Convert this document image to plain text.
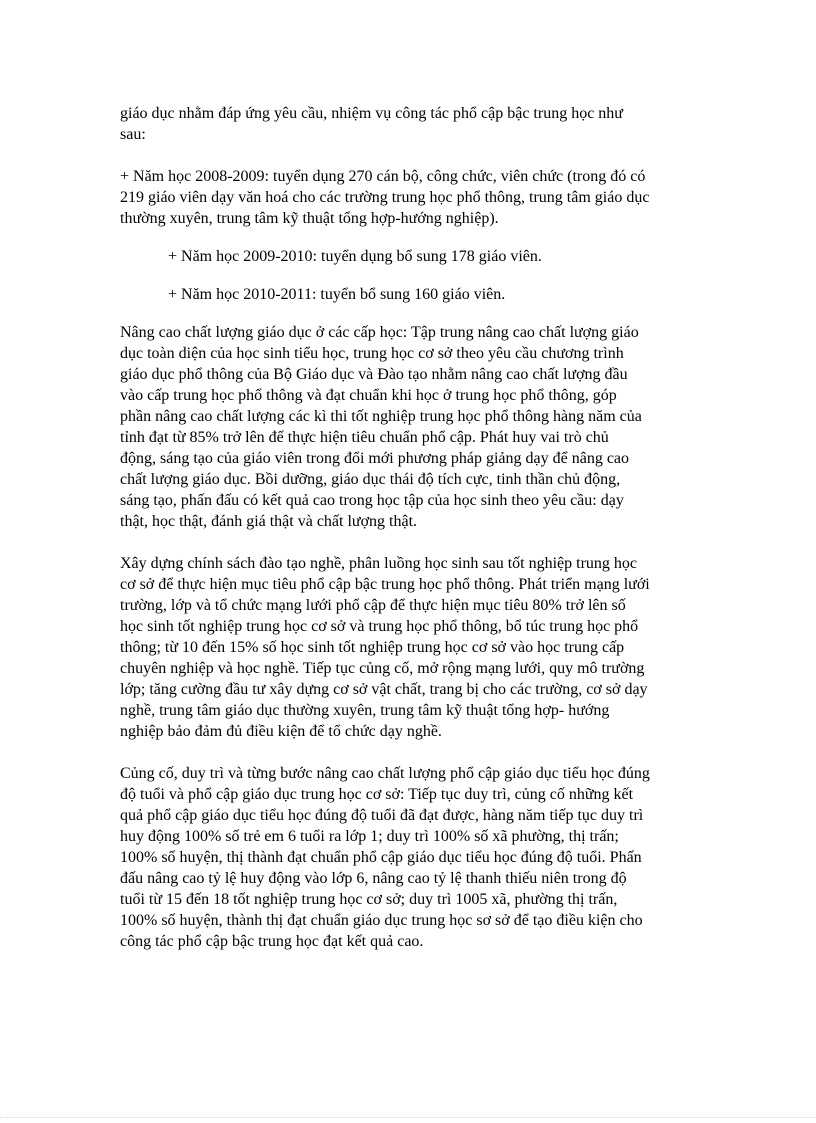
giáo dục nhằm đáp ứng yêu cầu, nhiệm vụ công tác phổ cập bậc trung học như
sau:

+ Năm học 2008-2009: tuyển dụng 270 cán bộ, công chức, viên chức (trong đó có
219 giáo viên dạy văn hoá cho các trường trung học phổ thông, trung tâm giáo dục
thường xuyên, trung tâm kỹ thuật tổng hợp-hướng nghiệp).

+ Năm học 2009-2010: tuyển dụng bổ sung 178 giáo viên.

+ Năm học 2010-2011: tuyển bổ sung 160 giáo viên.

Nâng cao chất lượng giáo dục ở các cấp học: Tập trung nâng cao chất lượng giáo
dục toàn diện của học sinh tiểu học, trung học cơ sở theo yêu cầu chương trình
giáo dục phổ thông của Bộ Giáo dục và Đào tạo nhằm nâng cao chất lượng đầu
vào cấp trung học phổ thông và đạt chuẩn khi học ở trung học phổ thông, góp
phần nâng cao chất lượng các kì thi tốt nghiệp trung học phổ thông hàng năm của
tỉnh đạt từ 85% trở lên để thực hiện tiêu chuẩn phổ cập. Phát huy vai trò chủ
động, sáng tạo của giáo viên trong đổi mới phương pháp giảng dạy để nâng cao
chất lượng giáo dục. Bồi dưỡng, giáo dục thái độ tích cực, tinh thần chủ động,
sáng tạo, phấn đấu có kết quả cao trong học tập của học sinh theo yêu cầu: dạy
thật, học thật, đánh giá thật và chất lượng thật.

Xây dựng chính sách đào tạo nghề, phân luồng học sinh sau tốt nghiệp trung học
cơ sở để thực hiện mục tiêu phổ cập bậc trung học phổ thông. Phát triển mạng lưới
trường, lớp và tổ chức mạng lưới phổ cập để thực hiện mục tiêu 80% trở lên số
học sinh tốt nghiệp trung học cơ sở và trung học phổ thông, bổ túc trung học phổ
thông; từ 10 đến 15% số học sinh tốt nghiệp trung học cơ sở vào học trung cấp
chuyên nghiệp và học nghề. Tiếp tục củng cố, mở rộng mạng lưới, quy mô trường
lớp; tăng cường đầu tư xây dựng cơ sở vật chất, trang bị cho các trường, cơ sở dạy
nghề, trung tâm giáo dục thường xuyên, trung tâm kỹ thuật tổng hợp- hướng
nghiệp bảo đảm đủ điều kiện để tổ chức dạy nghề.

Củng cố, duy trì và từng bước nâng cao chất lượng phổ cập giáo dục tiểu học đúng
độ tuổi và phổ cập giáo dục trung học cơ sở: Tiếp tục duy trì, củng cố những kết
quả phổ cập giáo dục tiểu học đúng độ tuổi đã đạt được, hàng năm tiếp tục duy trì
huy động 100% số trẻ em 6 tuổi ra lớp 1; duy trì 100% số xã phường, thị trấn;
100% số huyện, thị thành đạt chuẩn phổ cập giáo dục tiểu học đúng độ tuổi. Phấn
đấu nâng cao tỷ lệ huy động vào lớp 6, nâng cao tỷ lệ thanh thiếu niên trong độ
tuổi từ 15 đến 18 tốt nghiệp trung học cơ sở; duy trì 1005 xã, phường thị trấn,
100% số huyện, thành thị đạt chuẩn giáo dục trung học sơ sở để tạo điều kiện cho
công tác phổ cập bậc trung học đạt kết quả cao.
